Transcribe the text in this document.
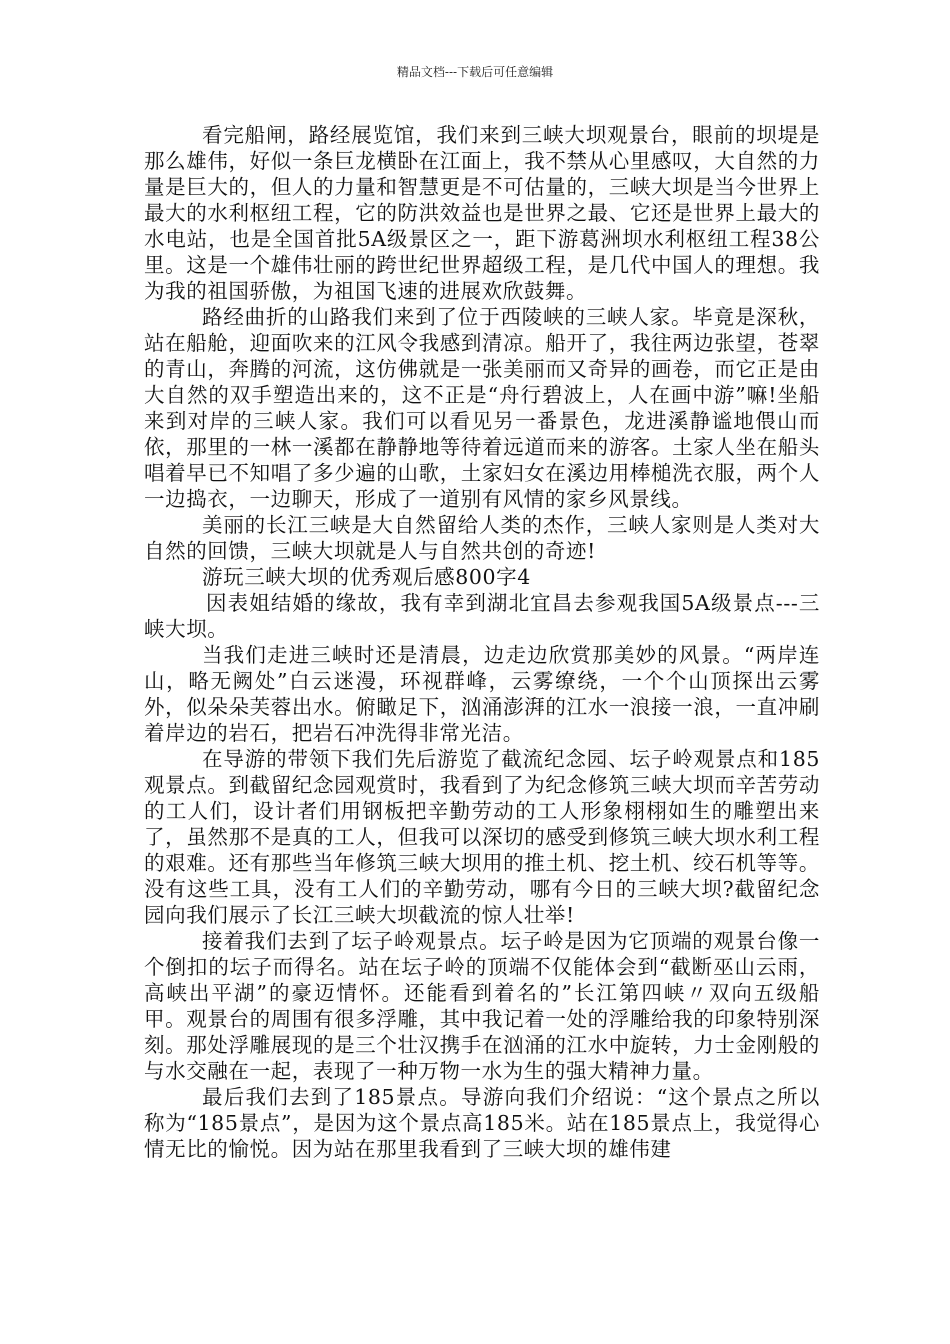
精品文档---下载后可任意编辑

看完船闸，路经展览馆，我们来到三峡大坝观景台，眼前的坝堤是那么雄伟，好似一条巨龙横卧在江面上，我不禁从心里感叹，大自然的力量是巨大的，但人的力量和智慧更是不可估量的，三峡大坝是当今世界上最大的水利枢纽工程，它的防洪效益也是世界之最、它还是世界上最大的水电站，也是全国首批5A级景区之一，距下游葛洲坝水利枢纽工程38公里。这是一个雄伟壮丽的跨世纪世界超级工程，是几代中国人的理想。我为我的祖国骄傲，为祖国飞速的进展欢欣鼓舞。

路经曲折的山路我们来到了位于西陵峡的三峡人家。毕竟是深秋，站在船舱，迎面吹来的江风令我感到清凉。船开了，我往两边张望，苍翠的青山，奔腾的河流，这仿佛就是一张美丽而又奇异的画卷，而它正是由大自然的双手塑造出来的，这不正是“舟行碧波上，人在画中游”嘛!坐船来到对岸的三峡人家。我们可以看见另一番景色，龙进溪静谧地偎山而依，那里的一林一溪都在静静地等待着远道而来的游客。土家人坐在船头唱着早已不知唱了多少遍的山歌，土家妇女在溪边用棒槌洗衣服，两个人一边捣衣，一边聊天，形成了一道别有风情的家乡风景线。

美丽的长江三峡是大自然留给人类的杰作，三峡人家则是人类对大自然的回馈，三峡大坝就是人与自然共创的奇迹!

游玩三峡大坝的优秀观后感800字4

因表姐结婚的缘故，我有幸到湖北宜昌去参观我国5A级景点---三峡大坝。

当我们走进三峡时还是清晨，边走边欣赏那美妙的风景。“两岸连山，略无阙处”白云迷漫，环视群峰，云雾缭绕，一个个山顶探出云雾外，似朵朵芙蓉出水。俯瞰足下，汹涌澎湃的江水一浪接一浪，一直冲刷着岸边的岩石，把岩石冲洗得非常光洁。

在导游的带领下我们先后游览了截流纪念园、坛子岭观景点和185观景点。到截留纪念园观赏时，我看到了为纪念修筑三峡大坝而辛苦劳动的工人们，设计者们用钢板把辛勤劳动的工人形象栩栩如生的雕塑出来了，虽然那不是真的工人，但我可以深切的感受到修筑三峡大坝水利工程的艰难。还有那些当年修筑三峡大坝用的推土机、挖土机、绞石机等等。没有这些工具，没有工人们的辛勤劳动，哪有今日的三峡大坝?截留纪念园向我们展示了长江三峡大坝截流的惊人壮举!

接着我们去到了坛子岭观景点。坛子岭是因为它顶端的观景台像一个倒扣的坛子而得名。站在坛子岭的顶端不仅能体会到“截断巫山云雨，高峡出平湖”的豪迈情怀。还能看到着名的”长江第四峡〃双向五级船甲。观景台的周围有很多浮雕，其中我记着一处的浮雕给我的印象特别深刻。那处浮雕展现的是三个壮汉携手在汹涌的江水中旋转，力士金刚般的与水交融在一起，表现了一种万物一水为生的强大精神力量。

最后我们去到了185景点。导游向我们介绍说：“这个景点之所以称为“185景点”，是因为这个景点高185米。站在185景点上，我觉得心情无比的愉悦。因为站在那里我看到了三峡大坝的雄伟建
